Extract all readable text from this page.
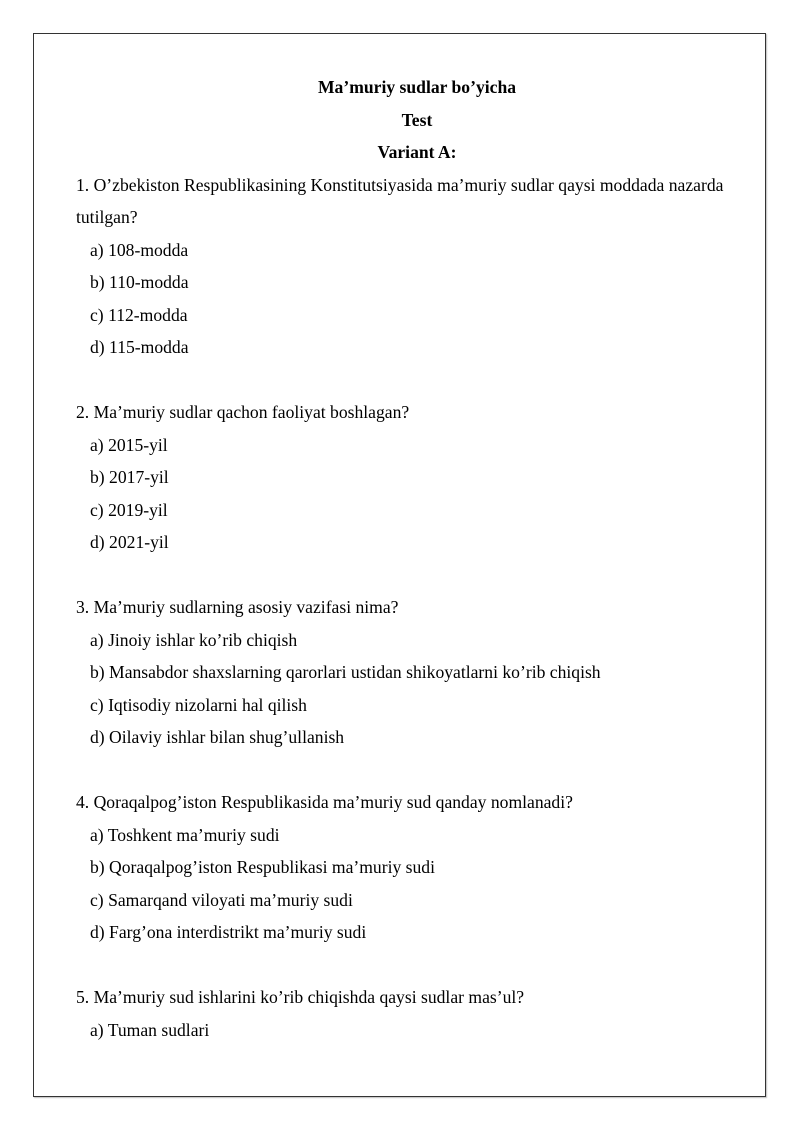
Ma’muriy sudlar bo’yicha
Test
Variant A:

1. O’zbekiston Respublikasining Konstitutsiyasida ma’muriy sudlar qaysi moddada nazarda tutilgan?

a) 108-modda

b) 110-modda

c) 112-modda

d) 115-modda

2. Ma’muriy sudlar qachon faoliyat boshlagan?

a) 2015-yil

b) 2017-yil

c) 2019-yil

d) 2021-yil

3. Ma’muriy sudlarning asosiy vazifasi nima?

a) Jinoiy ishlar ko’rib chiqish

b) Mansabdor shaxslarning qarorlari ustidan shikoyatlarni ko’rib chiqish

c) Iqtisodiy nizolarni hal qilish

d) Oilaviy ishlar bilan shug’ullanish

4. Qoraqalpog’iston Respublikasida ma’muriy sud qanday nomlanadi?

a) Toshkent ma’muriy sudi

b) Qoraqalpog’iston Respublikasi ma’muriy sudi

c) Samarqand viloyati ma’muriy sudi

d) Farg’ona interdistrikt ma’muriy sudi

5. Ma’muriy sud ishlarini ko’rib chiqishda qaysi sudlar mas’ul?

a) Tuman sudlari
